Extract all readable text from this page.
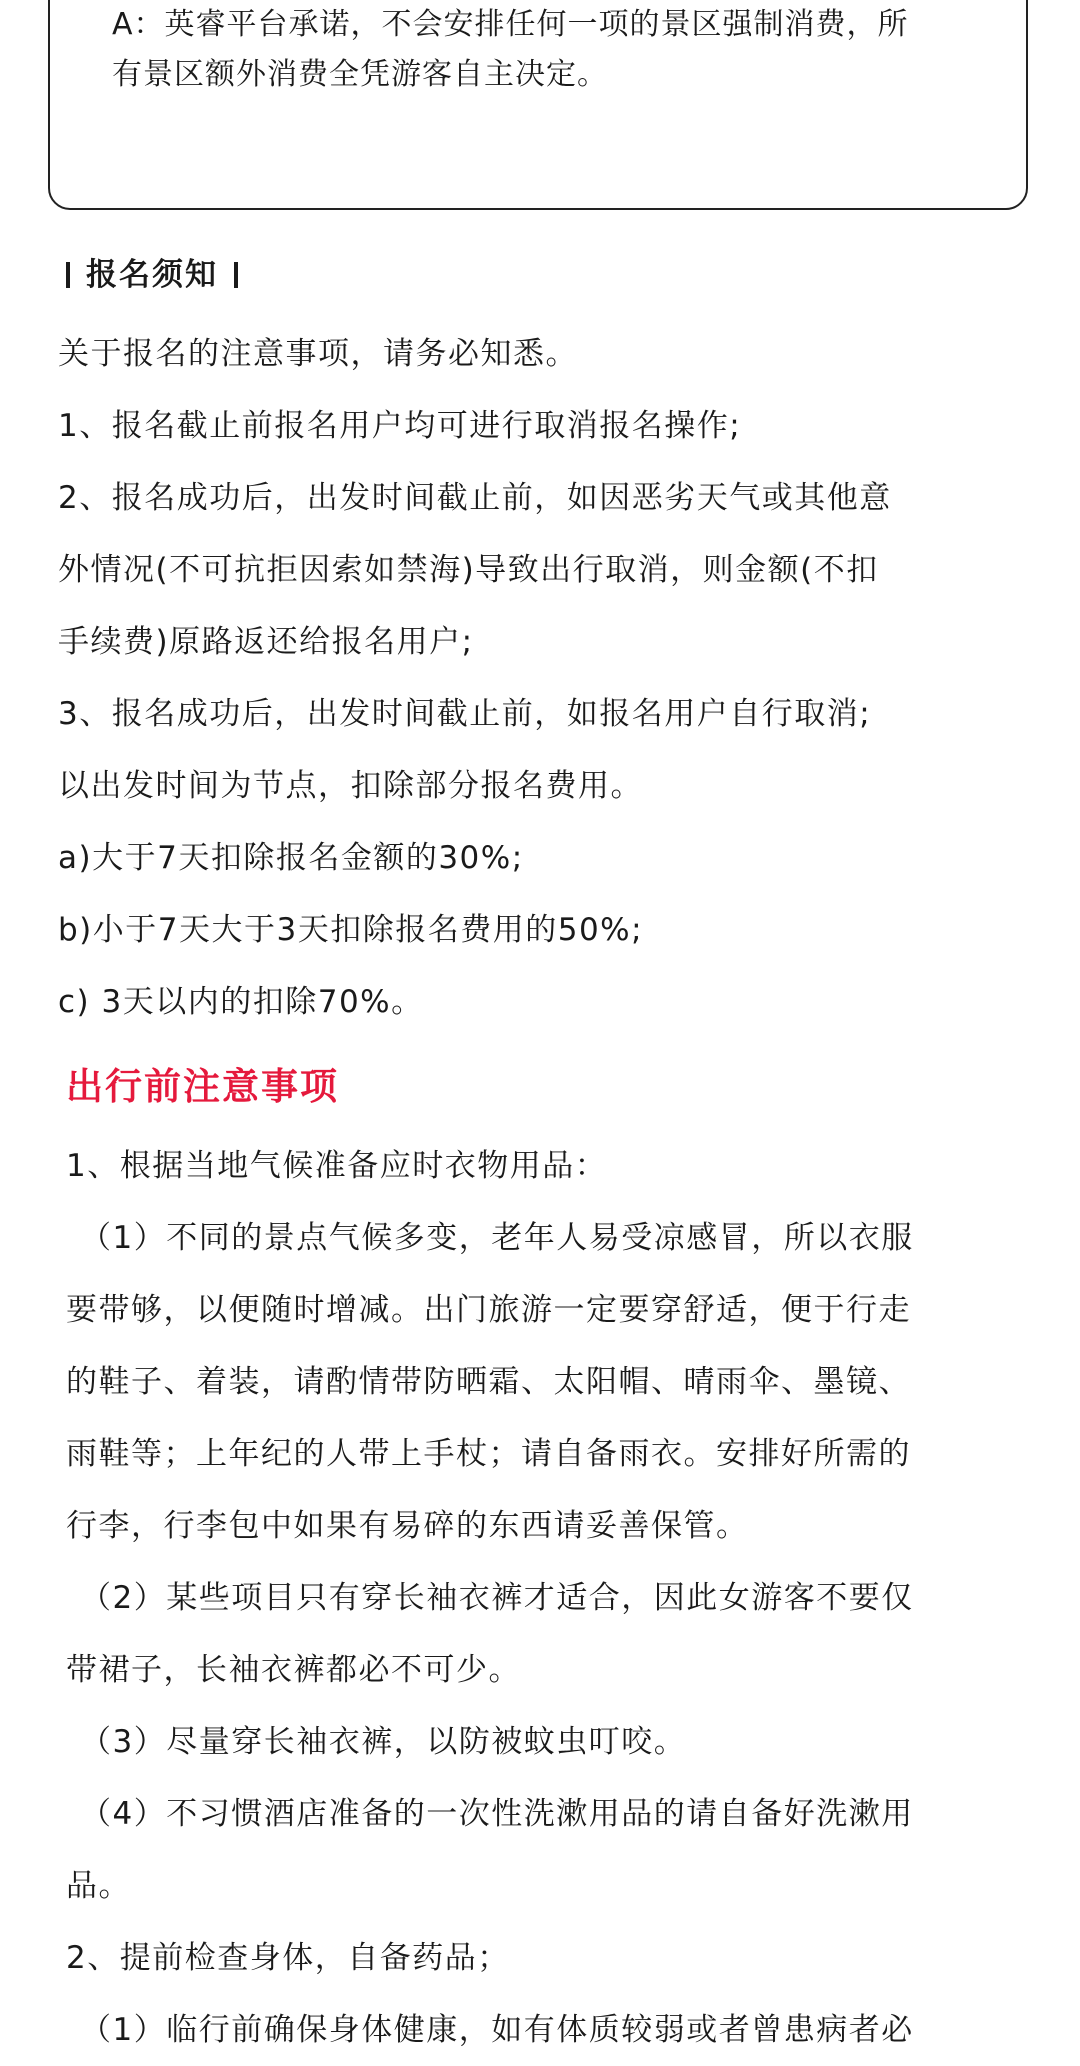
A：英睿平台承诺，不会安排任何一项的景区强制消费，所
有景区额外消费全凭游客自主决定。
报名须知
关于报名的注意事项，请务必知悉。
1、报名截止前报名用户均可进行取消报名操作;
2、报名成功后，出发时间截止前，如因恶劣天气或其他意
外情况(不可抗拒因索如禁海)导致出行取消，则金额(不扣
手续费)原路返还给报名用户;
3、报名成功后，出发时间截止前，如报名用户自行取消;
以出发时间为节点，扣除部分报名费用。
a)大于7天扣除报名金额的30%;
b)小于7天大于3天扣除报名费用的50%;
c) 3天以内的扣除70%。
出行前注意事项
1、根据当地气候准备应时衣物用品：
（1）不同的景点气候多变，老年人易受凉感冒，所以衣服
要带够，以便随时增减。出门旅游一定要穿舒适，便于行走
的鞋子、着装，请酌情带防晒霜、太阳帽、晴雨伞、墨镜、
雨鞋等；上年纪的人带上手杖；请自备雨衣。安排好所需的
行李，行李包中如果有易碎的东西请妥善保管。
（2）某些项目只有穿长袖衣裤才适合，因此女游客不要仅
带裙子，长袖衣裤都必不可少。
（3）尽量穿长袖衣裤，以防被蚊虫叮咬。
（4）不习惯酒店准备的一次性洗漱用品的请自备好洗漱用
品。
2、提前检查身体，自备药品；
（1）临行前确保身体健康，如有体质较弱或者曾患病者必
